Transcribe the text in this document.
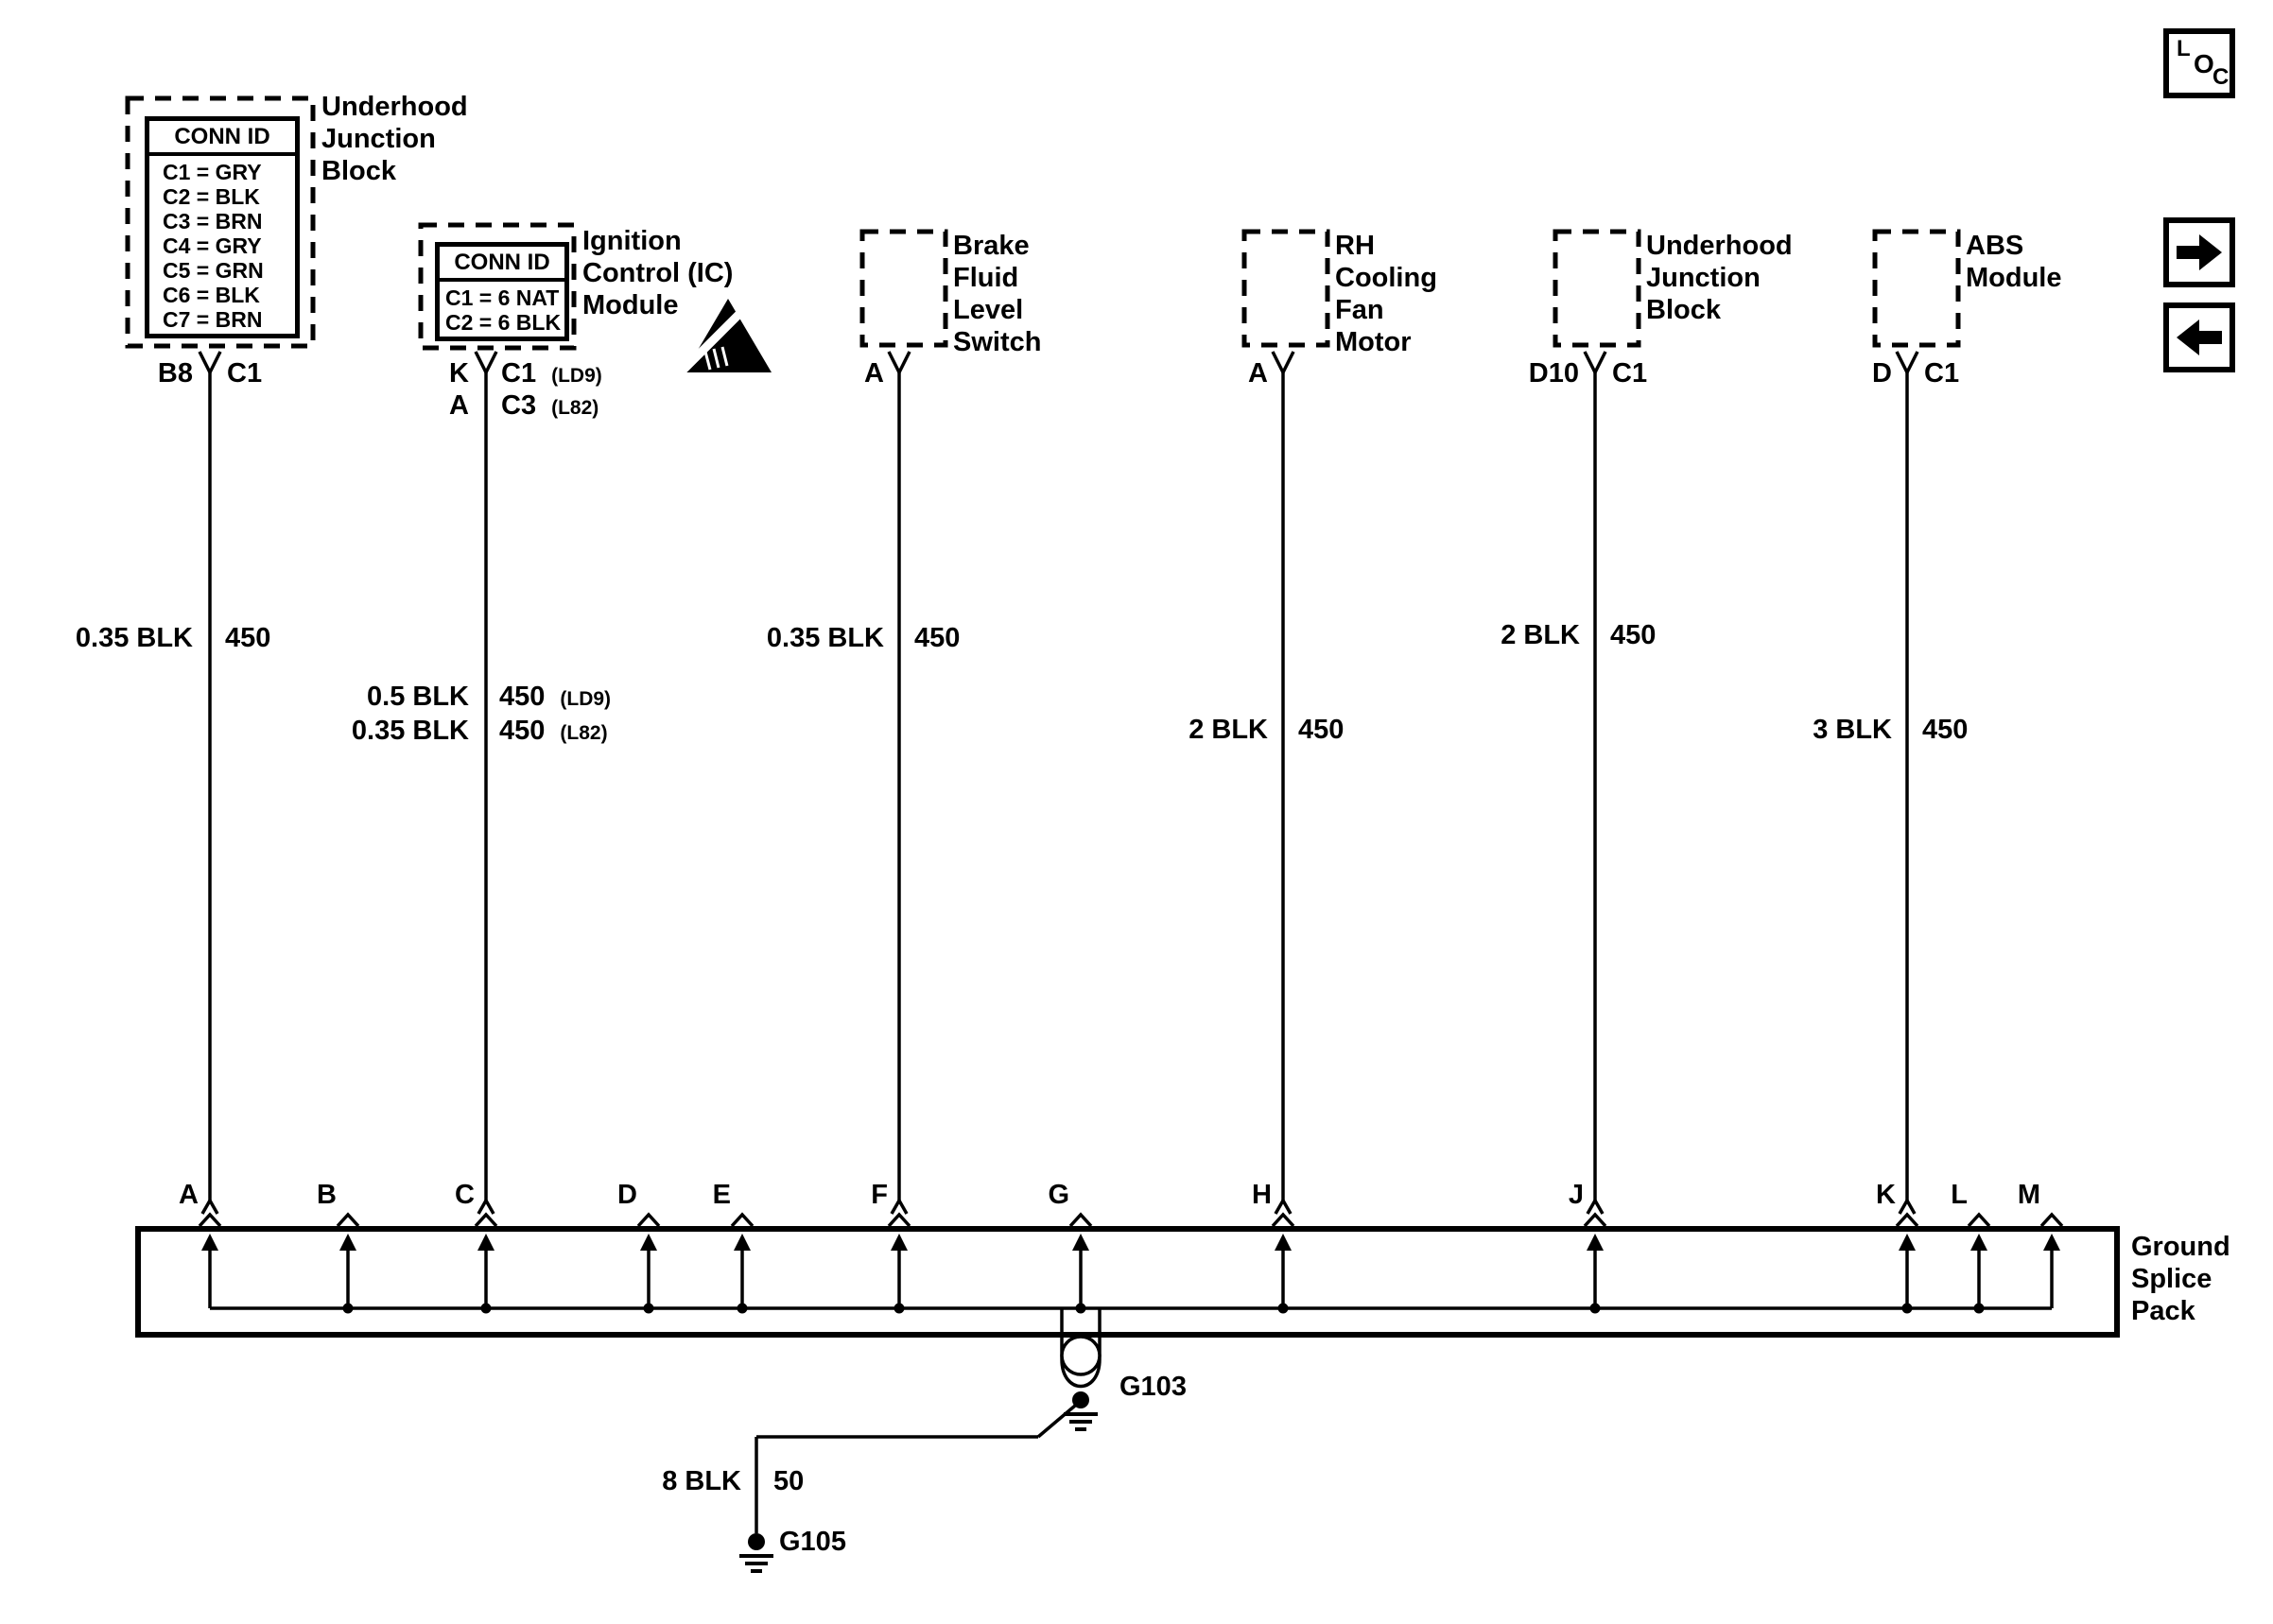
CONN ID
C1 = GRY
C2 = BLK
C3 = BRN
C4 = GRY
C5 = GRN
C6 = BLK
C7 = BRN
CONN ID
C1 = 6 NAT
C2 = 6 BLK
Underhood
Junction
Block
Ignition
Control (IC)
Module
Brake
Fluid
Level
Switch
RH
Cooling
Fan
Motor
Underhood
Junction
Block
ABS
Module
B8 C1	K C1 (LD9)
A C3 (L82)
A	A	D10 C1	D C1
0.35 BLK 450
0.5 BLK 450 (LD9)
0.35 BLK 450 (L82)
0.35 BLK 450
2 BLK 450
2 BLK 450
3 BLK 450
8 BLK 50
A	B	C	D	E	F	G	H	J	K	L	M
Ground
Splice
Pack
G103
G105
L
O
C
